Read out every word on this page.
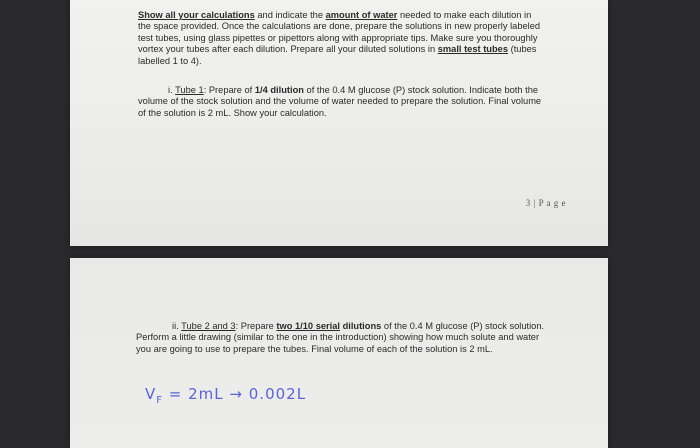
Show all your calculations and indicate the amount of water needed to make each dilution in the space provided. Once the calculations are done, prepare the solutions in new properly labeled test tubes, using glass pipettes or pipettors along with appropriate tips. Make sure you thoroughly vortex your tubes after each dilution. Prepare all your diluted solutions in small test tubes (tubes labelled 1 to 4).
i. Tube 1: Prepare of 1/4 dilution of the 0.4 M glucose (P) stock solution. Indicate both the volume of the stock solution and the volume of water needed to prepare the solution. Final volume of the solution is 2 mL. Show your calculation.
3 | P a g e
ii. Tube 2 and 3: Prepare two 1/10 serial dilutions of the 0.4 M glucose (P) stock solution. Perform a little drawing (similar to the one in the introduction) showing how much solute and water you are going to use to prepare the tubes. Final volume of each of the solution is 2 mL.
$V_F = 2mL \to 0.002L$
